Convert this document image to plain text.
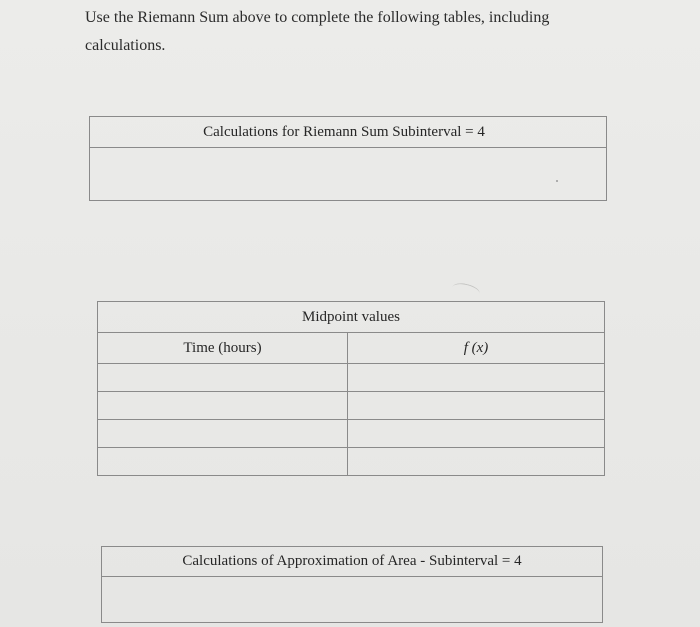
Use the Riemann Sum above to complete the following tables, including
calculations.
Calculations for Riemann Sum Subinterval = 4

Midpoint values	
Time (hours)	f (x)

Calculations of Approximation of Area - Subinterval = 4
